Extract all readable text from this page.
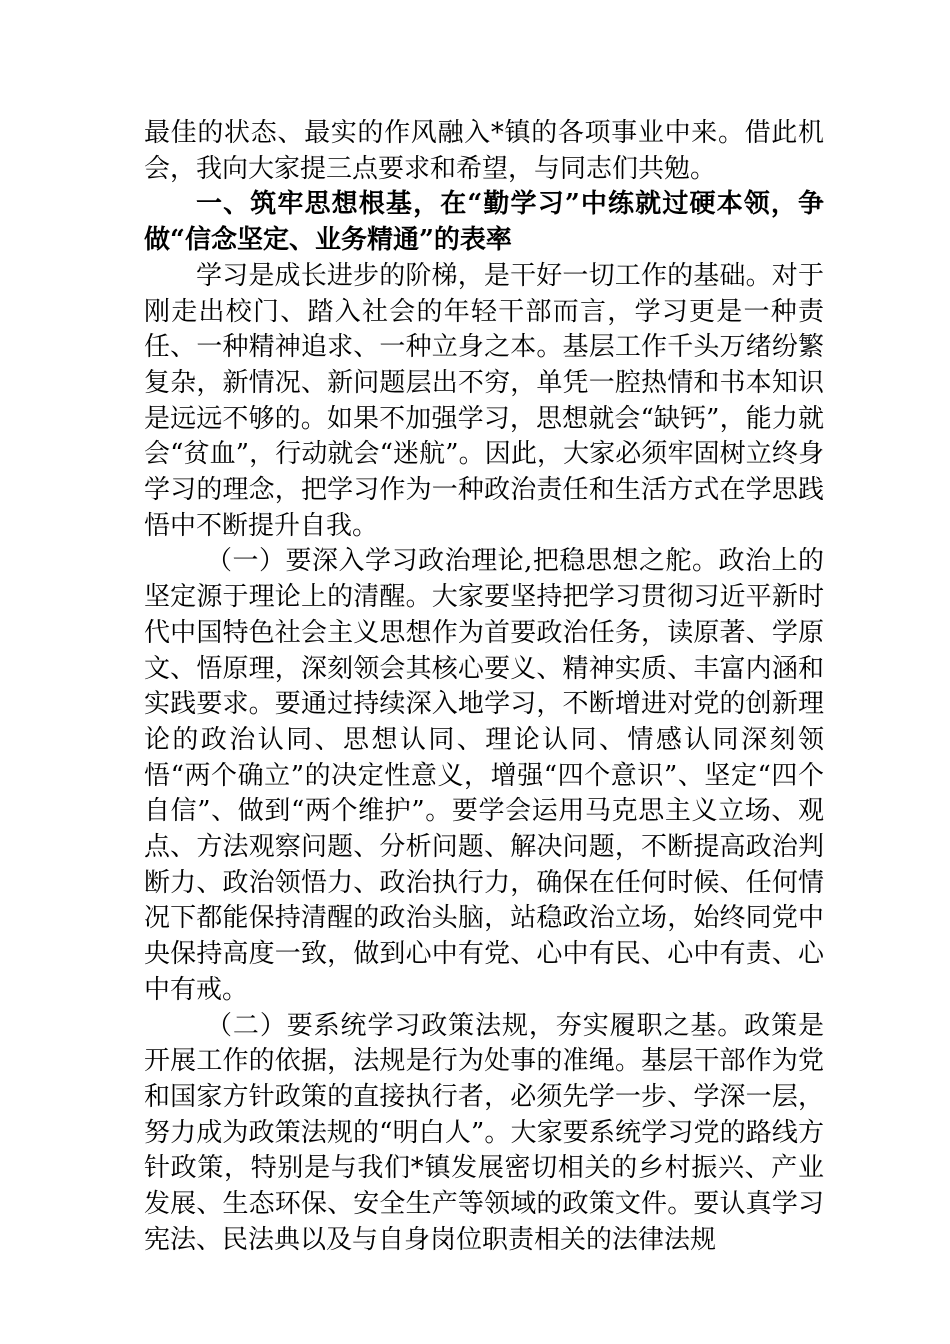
最佳的状态、最实的作风融入*镇的各项事业中来。借此机会，我向大家提三点要求和希望，与同志们共勉。

一、筑牢思想根基，在“勤学习”中练就过硬本领，争做“信念坚定、业务精通”的表率

学习是成长进步的阶梯，是干好一切工作的基础。对于刚走出校门、踏入社会的年轻干部而言，学习更是一种责任、一种精神追求、一种立身之本。基层工作千头万绪纷繁复杂，新情况、新问题层出不穷，单凭一腔热情和书本知识是远远不够的。如果不加强学习，思想就会“缺钙”，能力就会“贫血”，行动就会“迷航”。因此，大家必须牢固树立终身学习的理念，把学习作为一种政治责任和生活方式在学思践悟中不断提升自我。

（一）要深入学习政治理论,把稳思想之舵。政治上的坚定源于理论上的清醒。大家要坚持把学习贯彻习近平新时代中国特色社会主义思想作为首要政治任务，读原著、学原文、悟原理，深刻领会其核心要义、精神实质、丰富内涵和实践要求。要通过持续深入地学习，不断增进对党的创新理论的政治认同、思想认同、理论认同、情感认同深刻领悟“两个确立”的决定性意义，增强“四个意识”、坚定“四个自信”、做到“两个维护”。要学会运用马克思主义立场、观点、方法观察问题、分析问题、解决问题，不断提高政治判断力、政治领悟力、政治执行力，确保在任何时候、任何情况下都能保持清醒的政治头脑，站稳政治立场，始终同党中央保持高度一致，做到心中有党、心中有民、心中有责、心中有戒。

（二）要系统学习政策法规，夯实履职之基。政策是开展工作的依据，法规是行为处事的准绳。基层干部作为党和国家方针政策的直接执行者，必须先学一步、学深一层，努力成为政策法规的“明白人”。大家要系统学习党的路线方针政策，特别是与我们*镇发展密切相关的乡村振兴、产业发展、生态环保、安全生产等领域的政策文件。要认真学习宪法、民法典以及与自身岗位职责相关的法律法规
